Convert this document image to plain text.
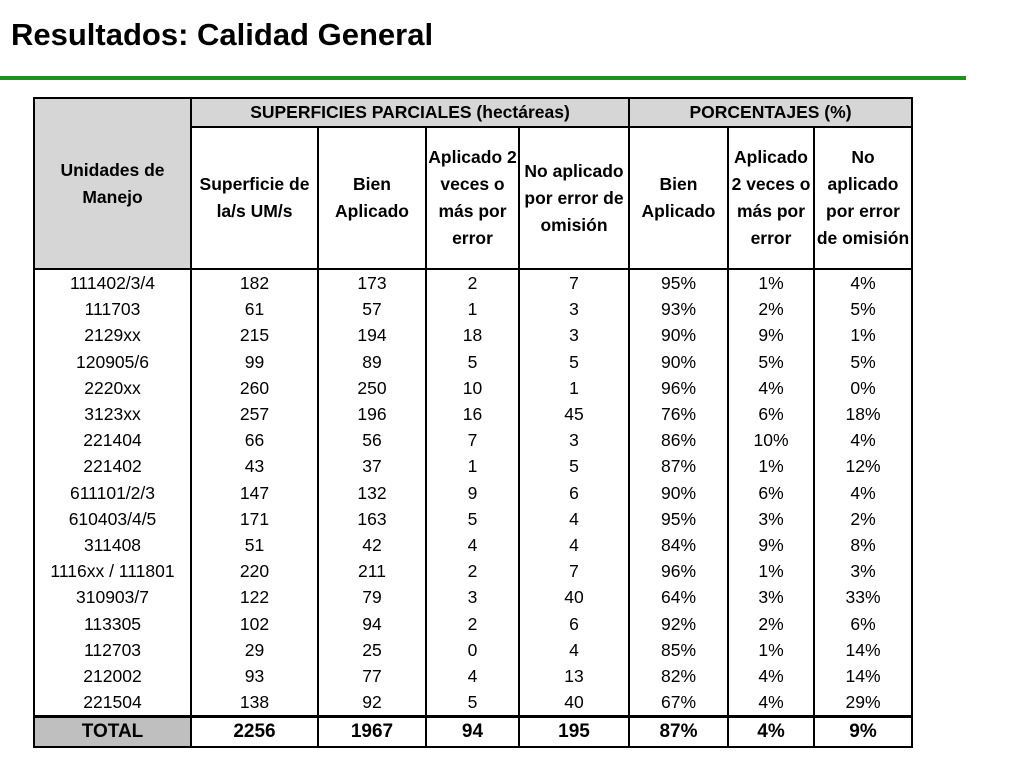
Resultados: Calidad General
Unidades de Manejo	SUPERFICIES PARCIALES (hectáreas)				PORCENTAJES (%)		
	Superficie de la/s UM/s	Bien Aplicado	Aplicado 2 veces o más por error	No aplicado por error de omisión	Bien Aplicado	Aplicado 2 veces o más por error	No aplicado por error de omisión
111402/3/4	182	173	2	7	95%	1%	4%
111703	61	57	1	3	93%	2%	5%
2129xx	215	194	18	3	90%	9%	1%
120905/6	99	89	5	5	90%	5%	5%
2220xx	260	250	10	1	96%	4%	0%
3123xx	257	196	16	45	76%	6%	18%
221404	66	56	7	3	86%	10%	4%
221402	43	37	1	5	87%	1%	12%
611101/2/3	147	132	9	6	90%	6%	4%
610403/4/5	171	163	5	4	95%	3%	2%
311408	51	42	4	4	84%	9%	8%
1116xx / 111801	220	211	2	7	96%	1%	3%
310903/7	122	79	3	40	64%	3%	33%
113305	102	94	2	6	92%	2%	6%
112703	29	25	0	4	85%	1%	14%
212002	93	77	4	13	82%	4%	14%
221504	138	92	5	40	67%	4%	29%
TOTAL	2256	1967	94	195	87%	4%	9%
